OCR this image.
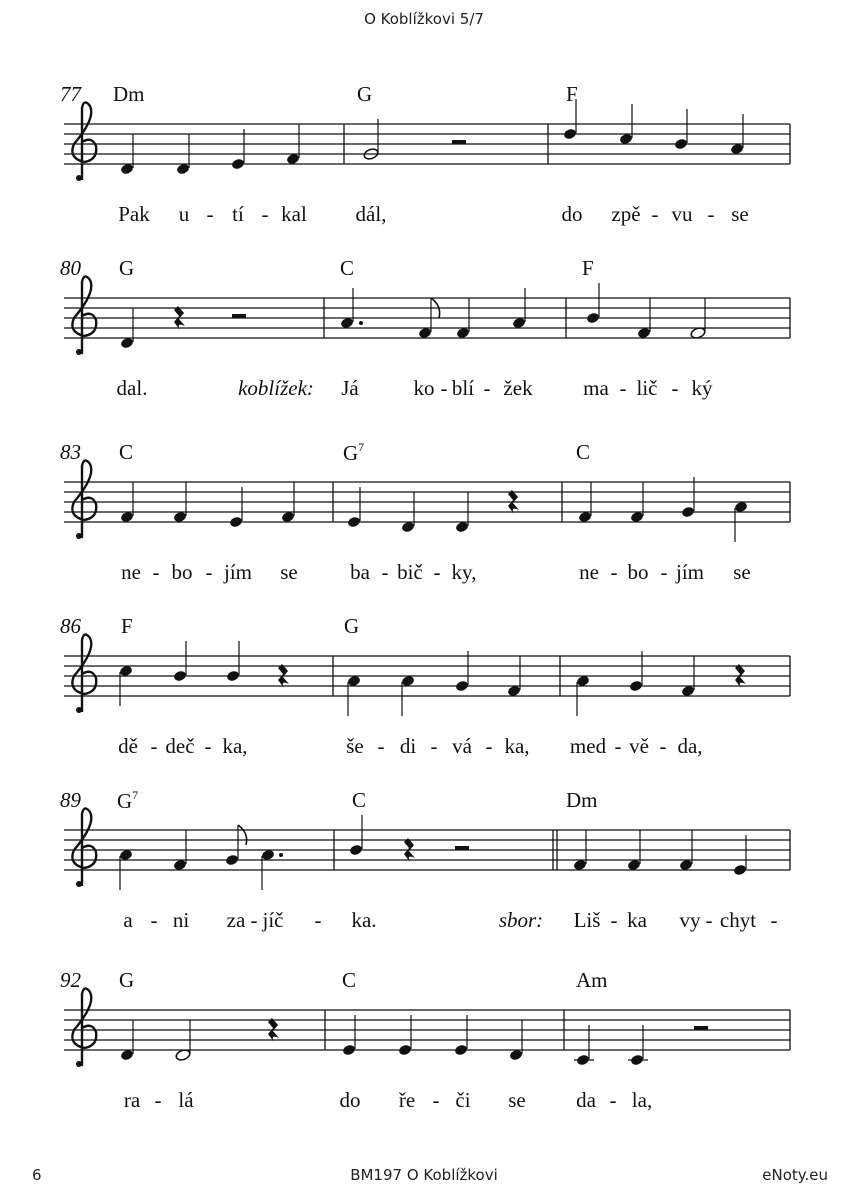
O Koblížkovi 5/7
77 Dm	G	F
Pak u - tí - kal dál,	do zpě - vu - se
80 G	C	F
dal.	koblížek: Já	ko - blí - žek ma - lič - ký
83 C	$G^7$	C
ne - bo - jím se ba - bič - ky,	ne - bo - jím se
86 F	G
dě - deč - ka,	še - di - vá - ka, med - vě - da,
89 $G^7$	C	Dm
a - ni za - jíč - ka.	sbor: Liš - ka vy - chyt -
92 G	C	Am
ra - lá	do ře - či se da - la,
6	BM197 O Koblížkovi	eNoty.eu
